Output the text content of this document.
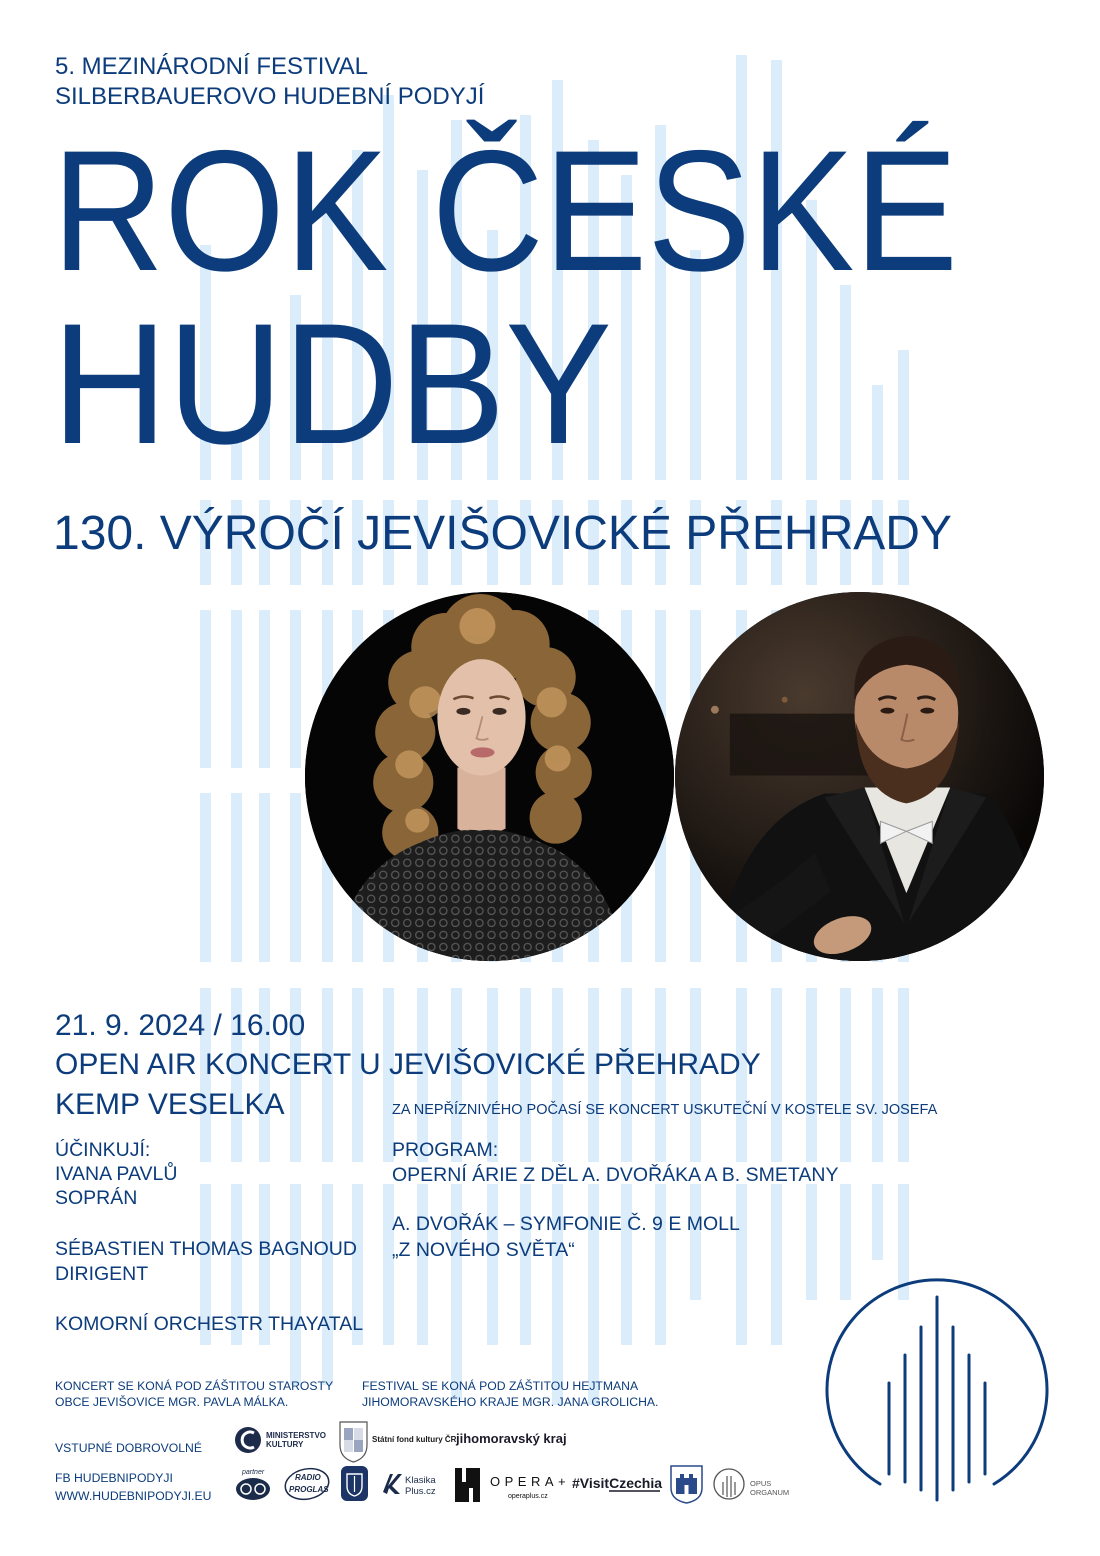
ROK ČESKÉ
HUDBY
MINISTERSTVO
KULTURY
Státní fond kultury ČR jihomoravský kraj
partner
RADIO
PROGLAS
Klasika
Plus.cz
OPERA+
operaplus.cz
#VisitCzechia	OPUS
ORGANUM
5. MEZINÁRODNÍ FESTIVAL
SILBERBAUEROVO HUDEBNÍ PODYJÍ
130. VÝROČÍ JEVIŠOVICKÉ PŘEHRADY
21. 9. 2024 / 16.00
OPEN AIR KONCERT U JEVIŠOVICKÉ PŘEHRADY
KEMP VESELKA	ZA NEPŘÍZNIVÉHO POČASÍ SE KONCERT USKUTEČNÍ V KOSTELE SV. JOSEFA
ÚČINKUJÍ:
IVANA PAVLŮ
SOPRÁN
SÉBASTIEN THOMAS BAGNOUD
DIRIGENT
KOMORNÍ ORCHESTR THAYATAL
PROGRAM:
OPERNÍ ÁRIE Z DĚL A. DVOŘÁKA A B. SMETANY
A. DVOŘÁK – SYMFONIE Č. 9 E MOLL
„Z NOVÉHO SVĚTA“
KONCERT SE KONÁ POD ZÁŠTITOU STAROSTY
OBCE JEVIŠOVICE MGR. PAVLA MÁLKA.
FESTIVAL SE KONÁ POD ZÁŠTITOU HEJTMANA
JIHOMORAVSKÉHO KRAJE MGR. JANA GROLICHA.
VSTUPNÉ DOBROVOLNÉ
FB HUDEBNIPODYJI
WWW.HUDEBNIPODYJI.EU
